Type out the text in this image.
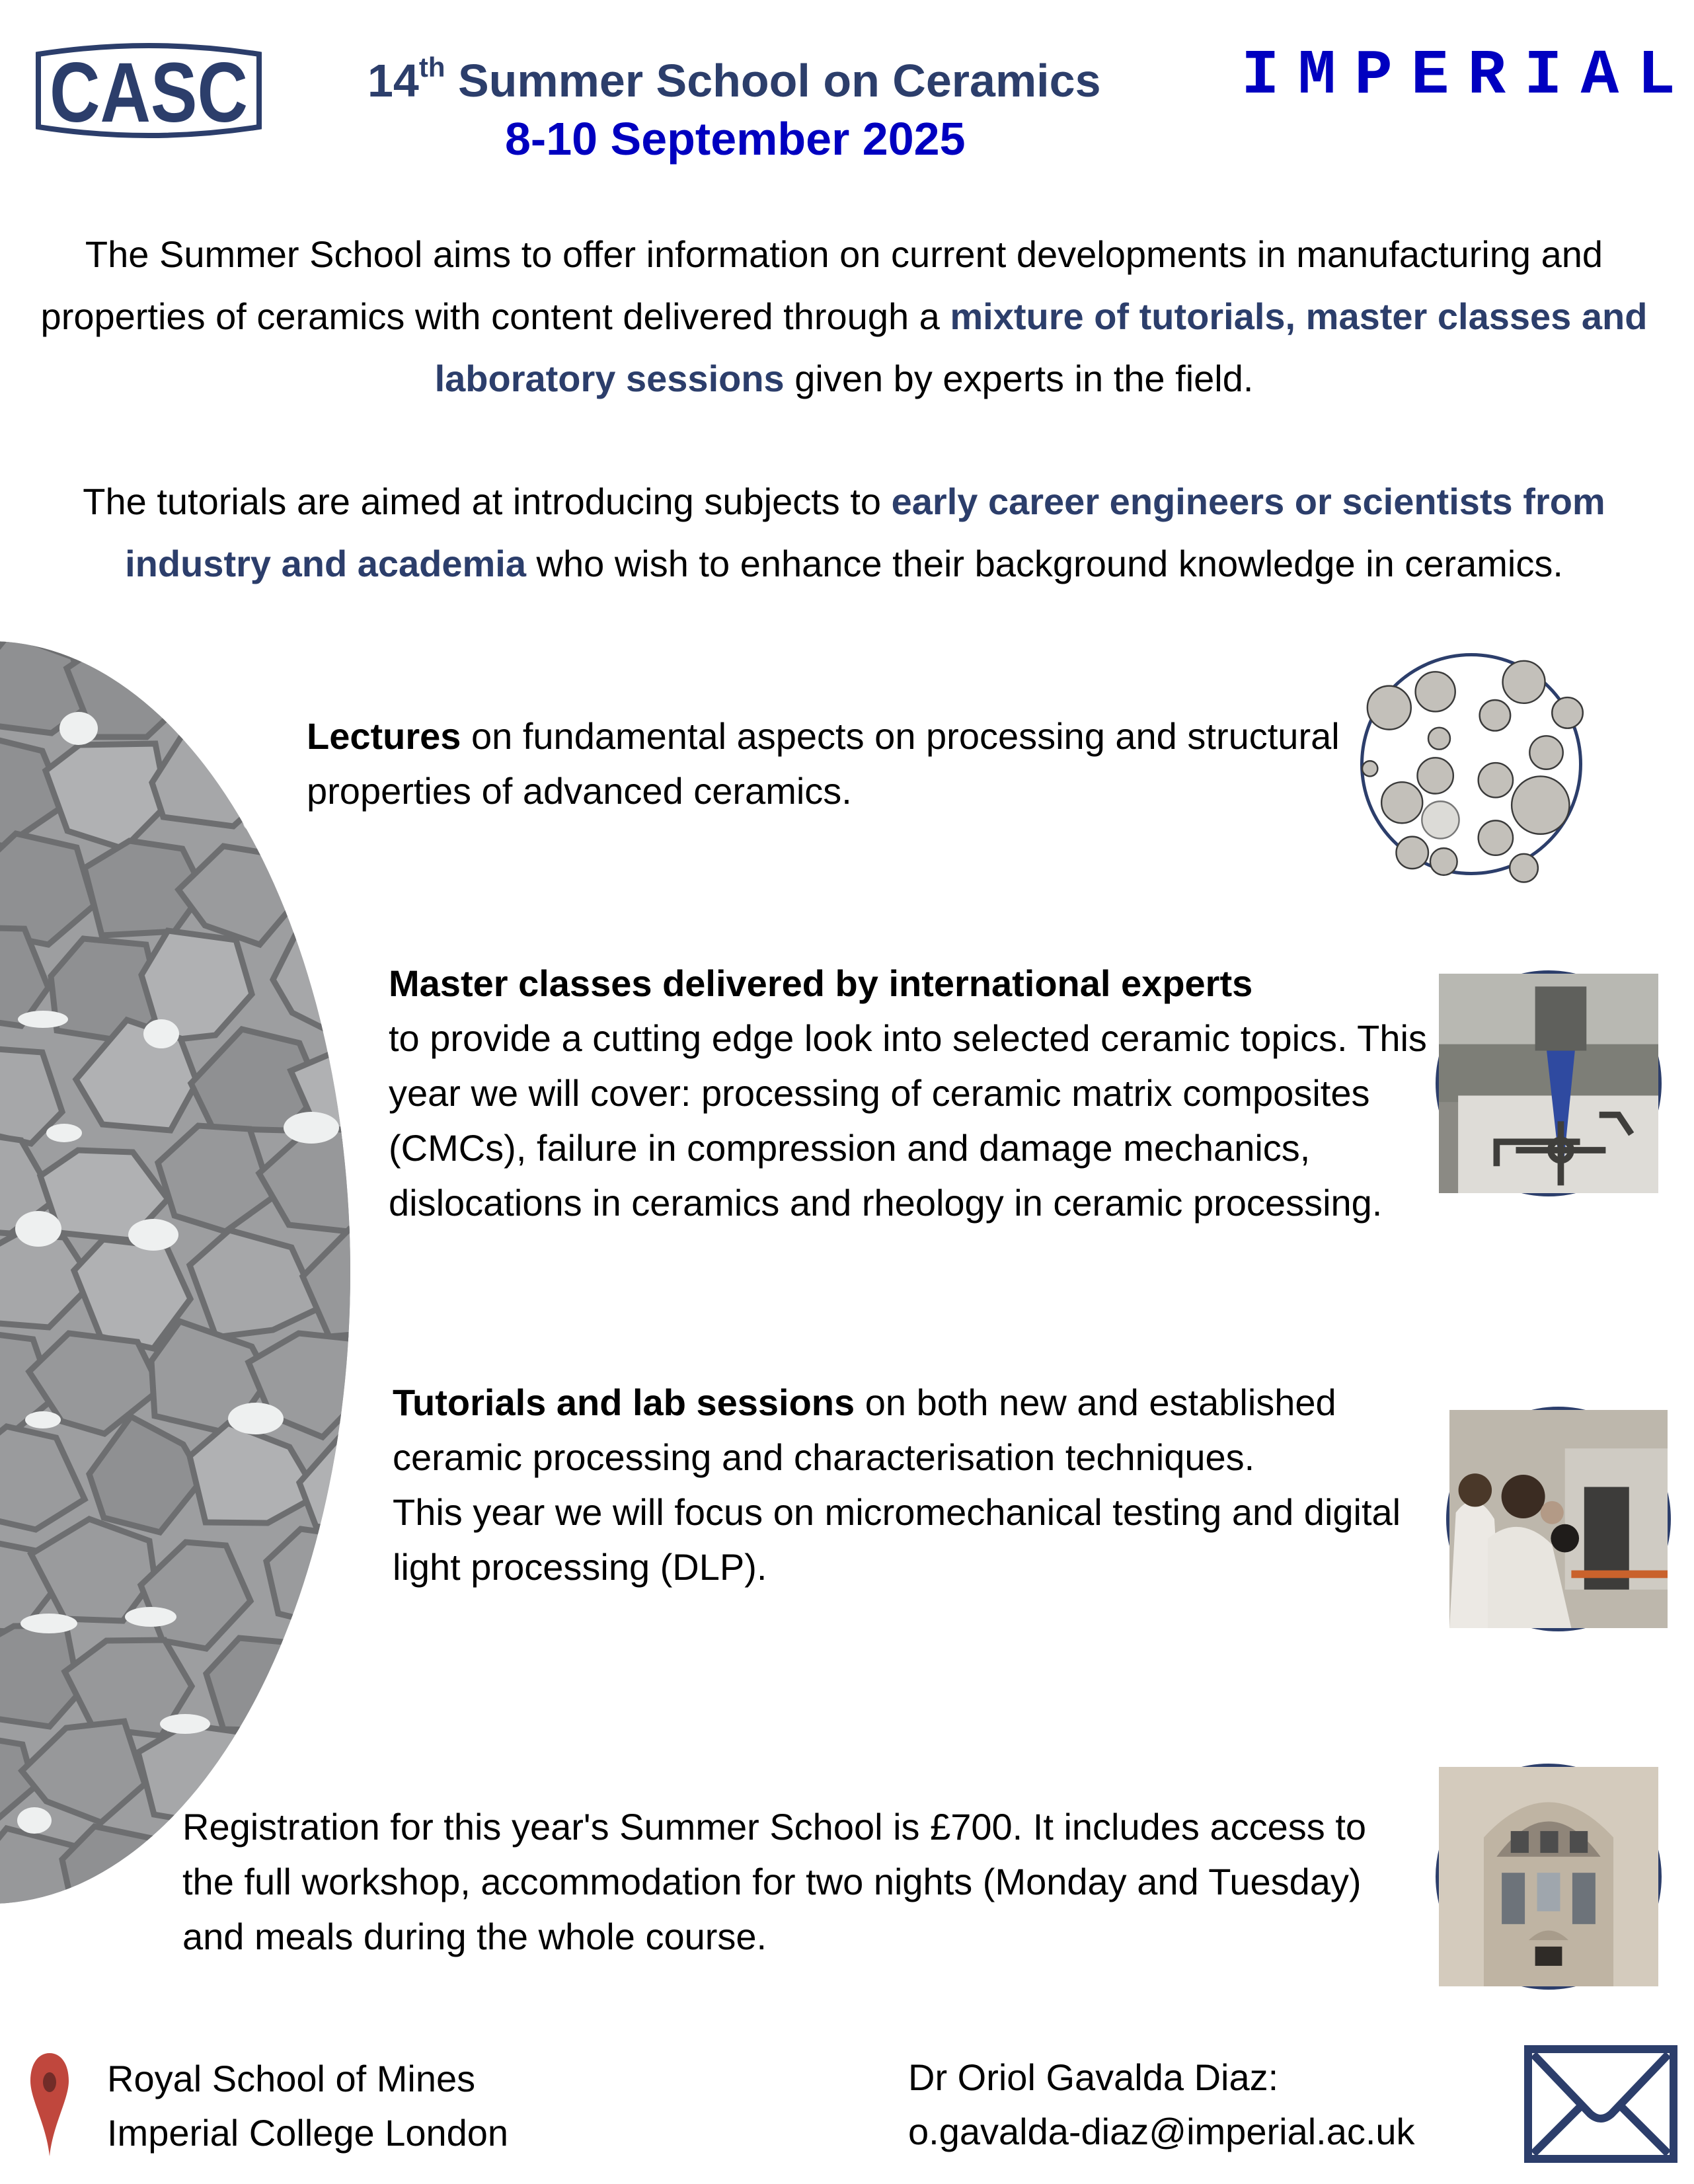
CASC	14th Summer School on Ceramics
8-10 September 2025
IMPERIAL
The Summer School aims to offer information on current developments in manufacturing and properties of ceramics with content delivered through a mixture of tutorials, master classes and laboratory sessions given by experts in the field.
The tutorials are aimed at introducing subjects to early career engineers or scientists from industry and academia who wish to enhance their background knowledge in ceramics.
Lectures on fundamental aspects on processing and structural properties of advanced ceramics.
Master classes delivered by international experts
to provide a cutting edge look into selected ceramic topics. This year we will cover: processing of ceramic matrix composites (CMCs), failure in compression and damage mechanics, dislocations in ceramics and rheology in ceramic processing.
Tutorials and lab sessions on both new and established ceramic processing and characterisation techniques.
This year we will focus on micromechanical testing and digital light processing (DLP).
Registration for this year's Summer School is £700. It includes access to the full workshop, accommodation for two nights (Monday and Tuesday) and meals during the whole course.
Royal School of Mines
Imperial College London
Dr Oriol Gavalda Diaz:
o.gavalda-diaz@imperial.ac.uk
